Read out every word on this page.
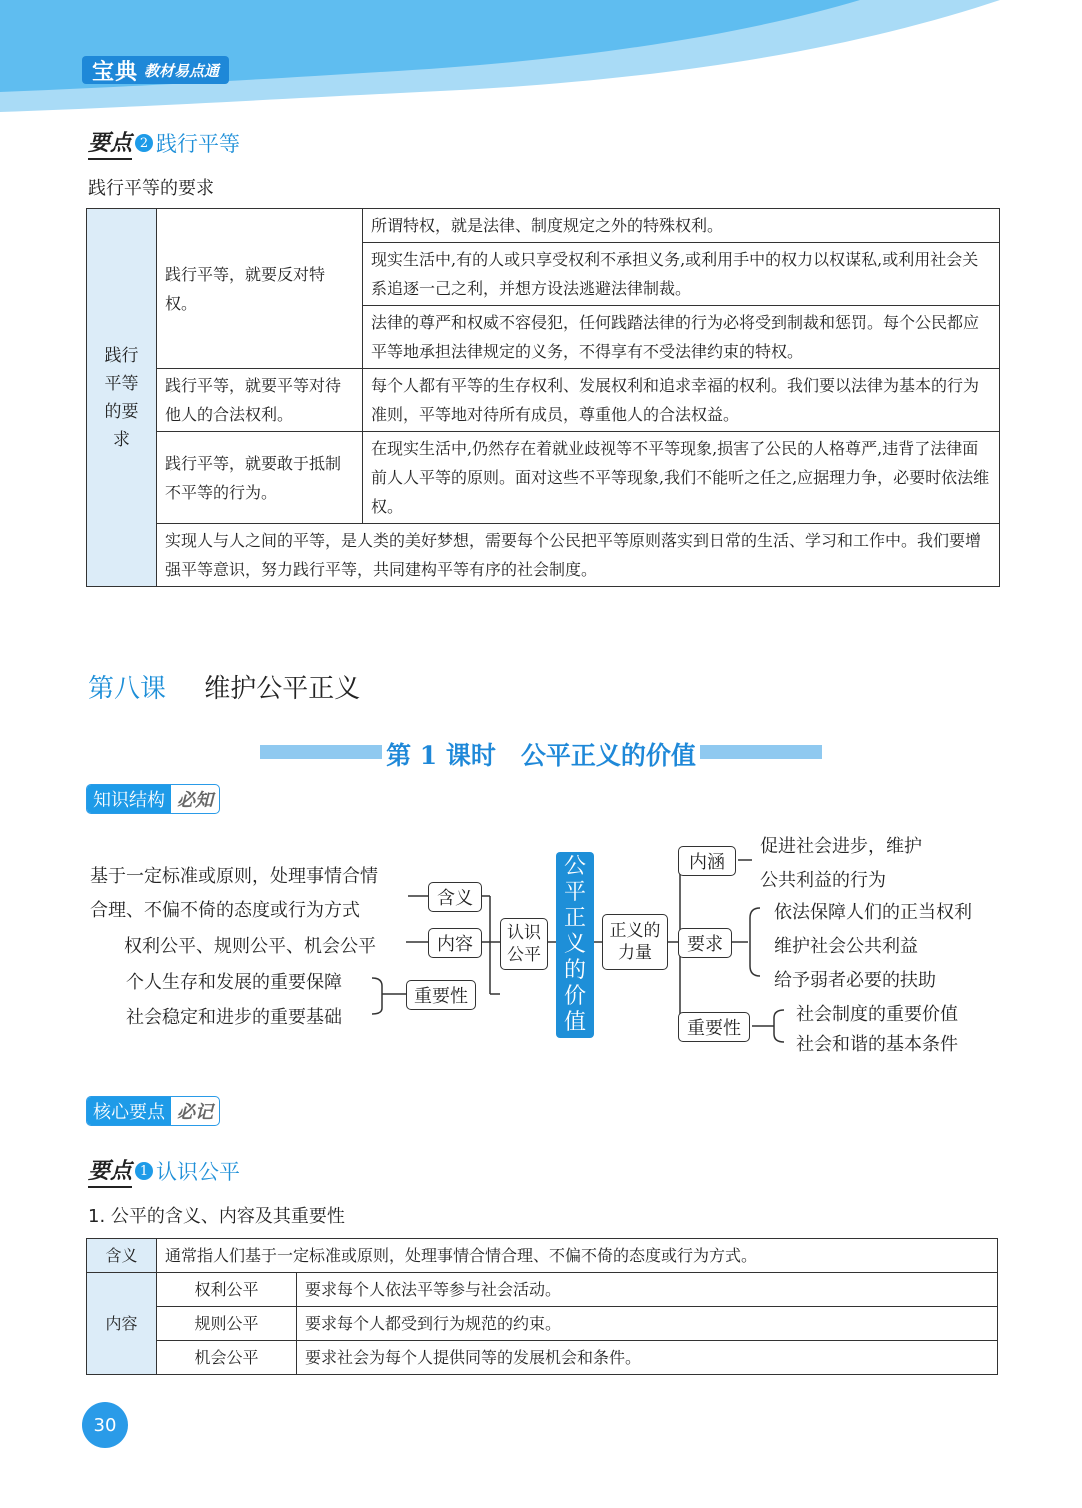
宝典 教材易点通
要点 2 践行平等
践行平等的要求
践行
平等
的要
求	践行平等，就要反对特权。	所谓特权，就是法律、制度规定之外的特殊权利。
		现实生活中,有的人或只享受权利不承担义务,或利用手中的权力以权谋私,或利用社会关系追逐一己之利，并想方设法逃避法律制裁。
		法律的尊严和权威不容侵犯，任何践踏法律的行为必将受到制裁和惩罚。每个公民都应平等地承担法律规定的义务，不得享有不受法律约束的特权。
	践行平等，就要平等对待他人的合法权利。	每个人都有平等的生存权利、发展权利和追求幸福的权利。我们要以法律为基本的行为准则，平等地对待所有成员，尊重他人的合法权益。
	践行平等，就要敢于抵制不平等的行为。	在现实生活中,仍然存在着就业歧视等不平等现象,损害了公民的人格尊严,违背了法律面前人人平等的原则。面对这些不平等现象,我们不能听之任之,应据理力争，必要时依法维权。
	实现人与人之间的平等，是人类的美好梦想，需要每个公民把平等原则落实到日常的生活、学习和工作中。我们要增强平等意识，努力践行平等，共同建构平等有序的社会制度。	
第八课 维护公平正义
第 1 课时　公平正义的价值
知识结构 必知
基于一定标准或原则，处理事情合情
合理、不偏不倚的态度或行为方式
权利公平、规则公平、机会公平
个人生存和发展的重要保障
社会稳定和进步的重要基础
含义
内容
重要性
认识公平
公
平
正
义
的
价
值
正义的力量
内涵
促进社会进步，维护
公共利益的行为
要求
依法保障人们的正当权利
维护社会公共利益
给予弱者必要的扶助
重要性
社会制度的重要价值
社会和谐的基本条件
核心要点 必记
要点 1 认识公平
1. 公平的含义、内容及其重要性
含义	通常指人们基于一定标准或原则，处理事情合情合理、不偏不倚的态度或行为方式。	
内容	权利公平	要求每个人依法平等参与社会活动。
	规则公平	要求每个人都受到行为规范的约束。
	机会公平	要求社会为每个人提供同等的发展机会和条件。
30
